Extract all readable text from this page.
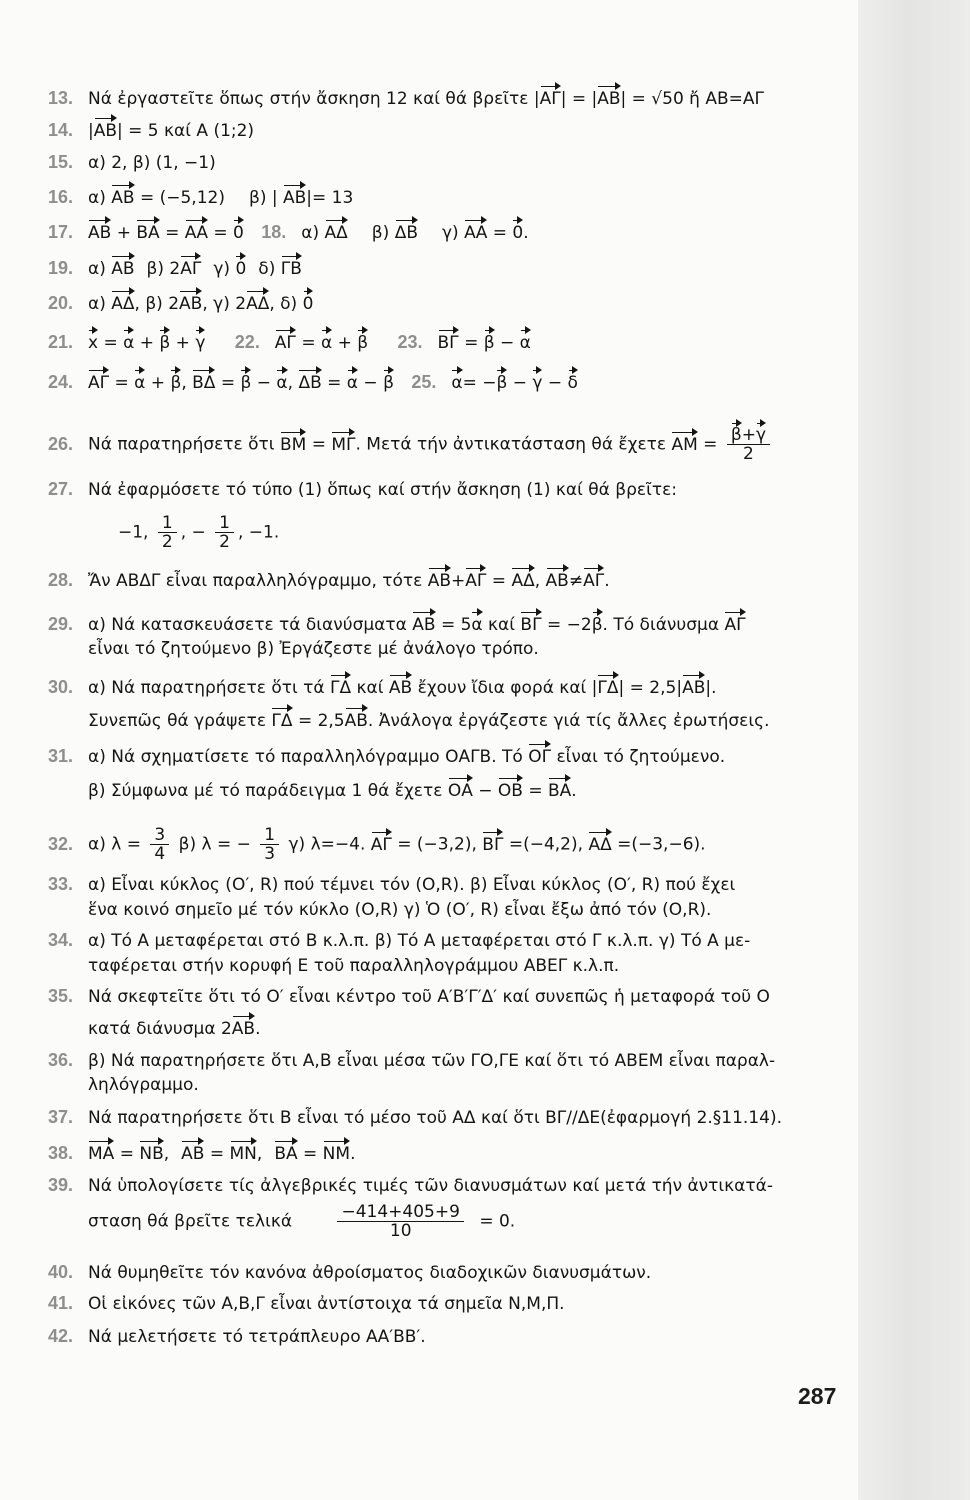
13. Νά ἐργαστεῖτε ὅπως στήν ἄσκηση 12 καί θά βρεῖτε |ΑΓ| = |ΑΒ| = √50 ἤ ΑΒ=ΑΓ
14. |ΑΒ| = 5 καί Α (1;2)
15. α) 2, β) (1, −1)
16. α) ΑΒ = (−5,12) β) | ΑΒ|= 13
17. ΑΒ + ΒΑ = ΑΑ = 0 18. α) ΑΔ β) ΔΒ γ) ΑΑ = 0.
19. α) ΑΒ β) 2ΑΓ γ) 0 δ) ΓΒ
20. α) ΑΔ, β) 2ΑΒ, γ) 2ΑΔ, δ) 0
21. x = α + β + γ 22. ΑΓ = α + β 23. ΒΓ = β − α
24. ΑΓ = α + β, ΒΔ = β − α, ΔΒ = α − β 25. α= −β − γ − δ
26. Νά παρατηρήσετε ὅτι ΒΜ = ΜΓ. Μετά τήν ἀντικατάσταση θά ἔχετε $AM = \frac{\beta+\gamma}{2}$
27. Νά ἐφαρμόσετε τό τύπο (1) ὅπως καί στήν ἄσκηση (1) καί θά βρεῖτε:
−1, $\frac{1}{2}$ , − $\frac{1}{2}$ , −1.
28. Ἄν ΑΒΔΓ εἶναι παραλληλόγραμμο, τότε ΑΒ+ΑΓ = ΑΔ, ΑΒ≠ΑΓ.
29. α) Νά κατασκευάσετε τά διανύσματα ΑΒ = 5α καί ΒΓ = −2β. Τό διάνυσμα ΑΓ
εἶναι τό ζητούμενο β) Ἐργάζεστε μέ ἀνάλογο τρόπο.
30. α) Νά παρατηρήσετε ὅτι τά ΓΔ καί ΑΒ ἔχουν ἴδια φορά καί |ΓΔ| = 2,5|ΑΒ|.
Συνεπῶς θά γράψετε ΓΔ = 2,5ΑΒ. Ἀνάλογα ἐργάζεστε γιά τίς ἄλλες ἐρωτήσεις.
31. α) Νά σχηματίσετε τό παραλληλόγραμμο ΟΑΓΒ. Τό ΟΓ εἶναι τό ζητούμενο.
β) Σύμφωνα μέ τό παράδειγμα 1 θά ἔχετε ΟΑ − ΟΒ = ΒΑ.
32. α) $\lambda = \frac{3}{4} \beta$) λ = − $\frac{1}{3} \gamma$) λ=−4. ΑΓ = (−3,2), ΒΓ =(−4,2), ΑΔ =(−3,−6).
33. α) Εἶναι κύκλος (Ο′, R) πού τέμνει τόν (Ο,R). β) Εἶναι κύκλος (Ο′, R) πού ἔχει
ἕνα κοινό σημεῖο μέ τόν κύκλο (Ο,R) γ) Ὁ (Ο′, R) εἶναι ἔξω ἀπό τόν (Ο,R).
34. α) Τό Α μεταφέρεται στό Β κ.λ.π. β) Τό Α μεταφέρεται στό Γ κ.λ.π. γ) Τό Α με-
ταφέρεται στήν κορυφή Ε τοῦ παραλληλογράμμου ΑΒΕΓ κ.λ.π.
35. Νά σκεφτεῖτε ὅτι τό Ο′ εἶναι κέντρο τοῦ Α′Β′Γ′Δ′ καί συνεπῶς ἡ μεταφορά τοῦ Ο
κατά διάνυσμα 2ΑΒ.
36. β) Νά παρατηρήσετε ὅτι Α,Β εἶναι μέσα τῶν ΓΟ,ΓΕ καί ὅτι τό ΑΒΕΜ εἶναι παραλ-
ληλόγραμμο.
37. Νά παρατηρήσετε ὅτι Β εἶναι τό μέσο τοῦ ΑΔ καί ὅτι ΒΓ//ΔΕ(ἐφαρμογή 2.§11.14).
38. ΜΑ = ΝΒ, ΑΒ = ΜΝ, ΒΑ = ΝΜ.
39. Νά ὑπολογίσετε τίς ἀλγεβρικές τιμές τῶν διανυσμάτων καί μετά τήν ἀντικατά-
σταση θά βρεῖτε τελικά	$\frac{-414+405+9}{10} = 0$.
40. Νά θυμηθεῖτε τόν κανόνα ἀθροίσματος διαδοχικῶν διανυσμάτων.
41. Οἱ εἰκόνες τῶν Α,Β,Γ εἶναι ἀντίστοιχα τά σημεῖα Ν,Μ,Π.
42. Νά μελετήσετε τό τετράπλευρο ΑΑ′ΒΒ′.
287
